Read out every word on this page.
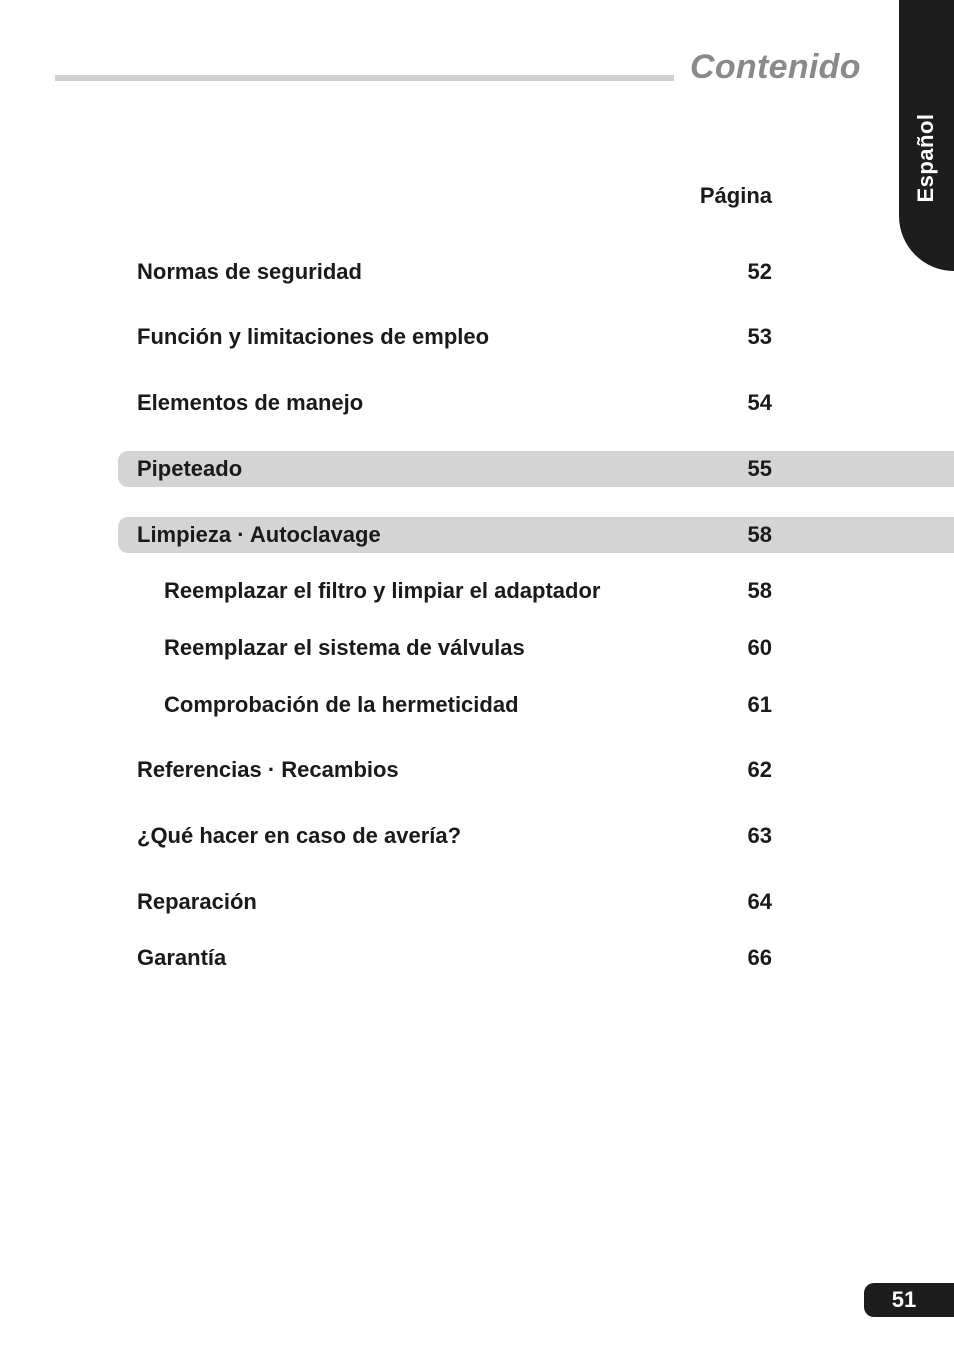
Contenido
Español
Página
Normas de seguridad	52
Función y limitaciones de empleo	53
Elementos de manejo	54
Pipeteado	55
Limpieza · Autoclavage	58
Reemplazar el filtro y limpiar el adaptador	58
Reemplazar el sistema de válvulas	60
Comprobación de la hermeticidad	61
Referencias · Recambios	62
¿Qué hacer en caso de avería?	63
Reparación	64
Garantía	66
51
